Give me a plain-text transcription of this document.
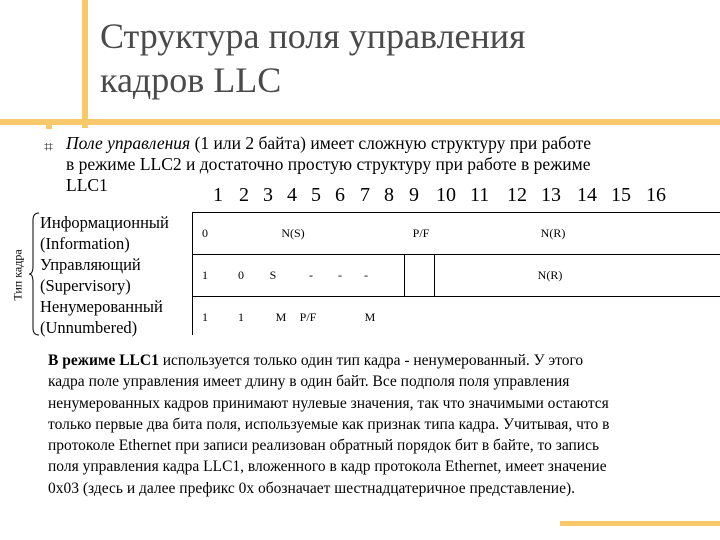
Структура поля управления
кадров LLC
⌗ Поле управления (1 или 2 байта) имеет сложную структуру при работе
в режиме LLC2 и достаточно простую структуру при работе в режиме
LLC1	1 2 3 4 5 6 7 8 9 10 11 12 13 14 15 16
Тип кадра
Информационный
(Information)
Управляющий
(Supervisory)
Ненумерованный
(Unnumbered)
0	N(S)	P/F	N(R)
1	0 S	- - -	N(R)
1	1	M P/F	M
В режиме LLC1 используется только один тип кадра - ненумерованный. У этого
кадра поле управления имеет длину в один байт. Все подполя поля управления
ненумерованных кадров принимают нулевые значения, так что значимыми остаются
только первые два бита поля, используемые как признак типа кадра. Учитывая, что в
протоколе Ethernet при записи реализован обратный порядок бит в байте, то запись
поля управления кадра LLC1, вложенного в кадр протокола Ethernet, имеет значение
0x03 (здесь и далее префикс 0x обозначает шестнадцатеричное представление).
